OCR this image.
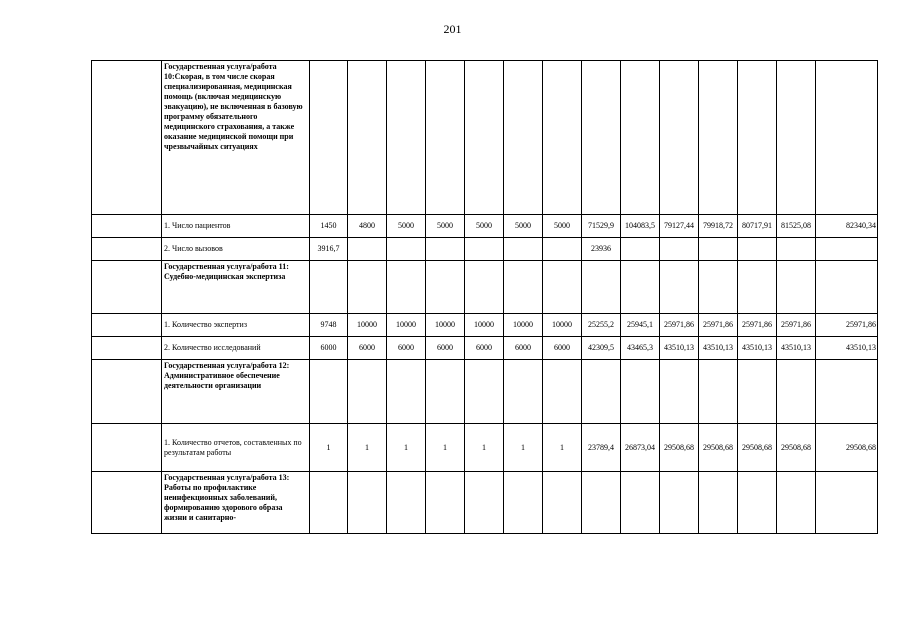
201
	Государственная услуга/работа 10:Скорая, в том числе скорая специализированная, медицинская помощь (включая медицинскую эвакуацию), не включенная в базовую программу обязательного медицинского страхования, а также оказание медицинской помощи при чрезвычайных ситуациях														
	1. Число пациентов	1450	4800	5000	5000	5000	5000	5000	71529,9	104083,5	79127,44	79918,72	80717,91	81525,08	82340,34
	2. Число вызовов	3916,7							23936						
	Государственная услуга/работа 11: Судебно-медицинская экспертиза														
	1. Количество экспертиз	9748	10000	10000	10000	10000	10000	10000	25255,2	25945,1	25971,86	25971,86	25971,86	25971,86	25971,86
	2. Количество исследований	6000	6000	6000	6000	6000	6000	6000	42309,5	43465,3	43510,13	43510,13	43510,13	43510,13	43510,13
	Государственная услуга/работа 12: Административное обеспечение деятельности организации														
	1. Количество отчетов, составленных по результатам работы	1	1	1	1	1	1	1	23789,4	26873,04	29508,68	29508,68	29508,68	29508,68	29508,68
	Государственная услуга/работа 13: Работы по профилактике неинфекционных заболеваний, формированию здорового образа жизни и санитарно-														
